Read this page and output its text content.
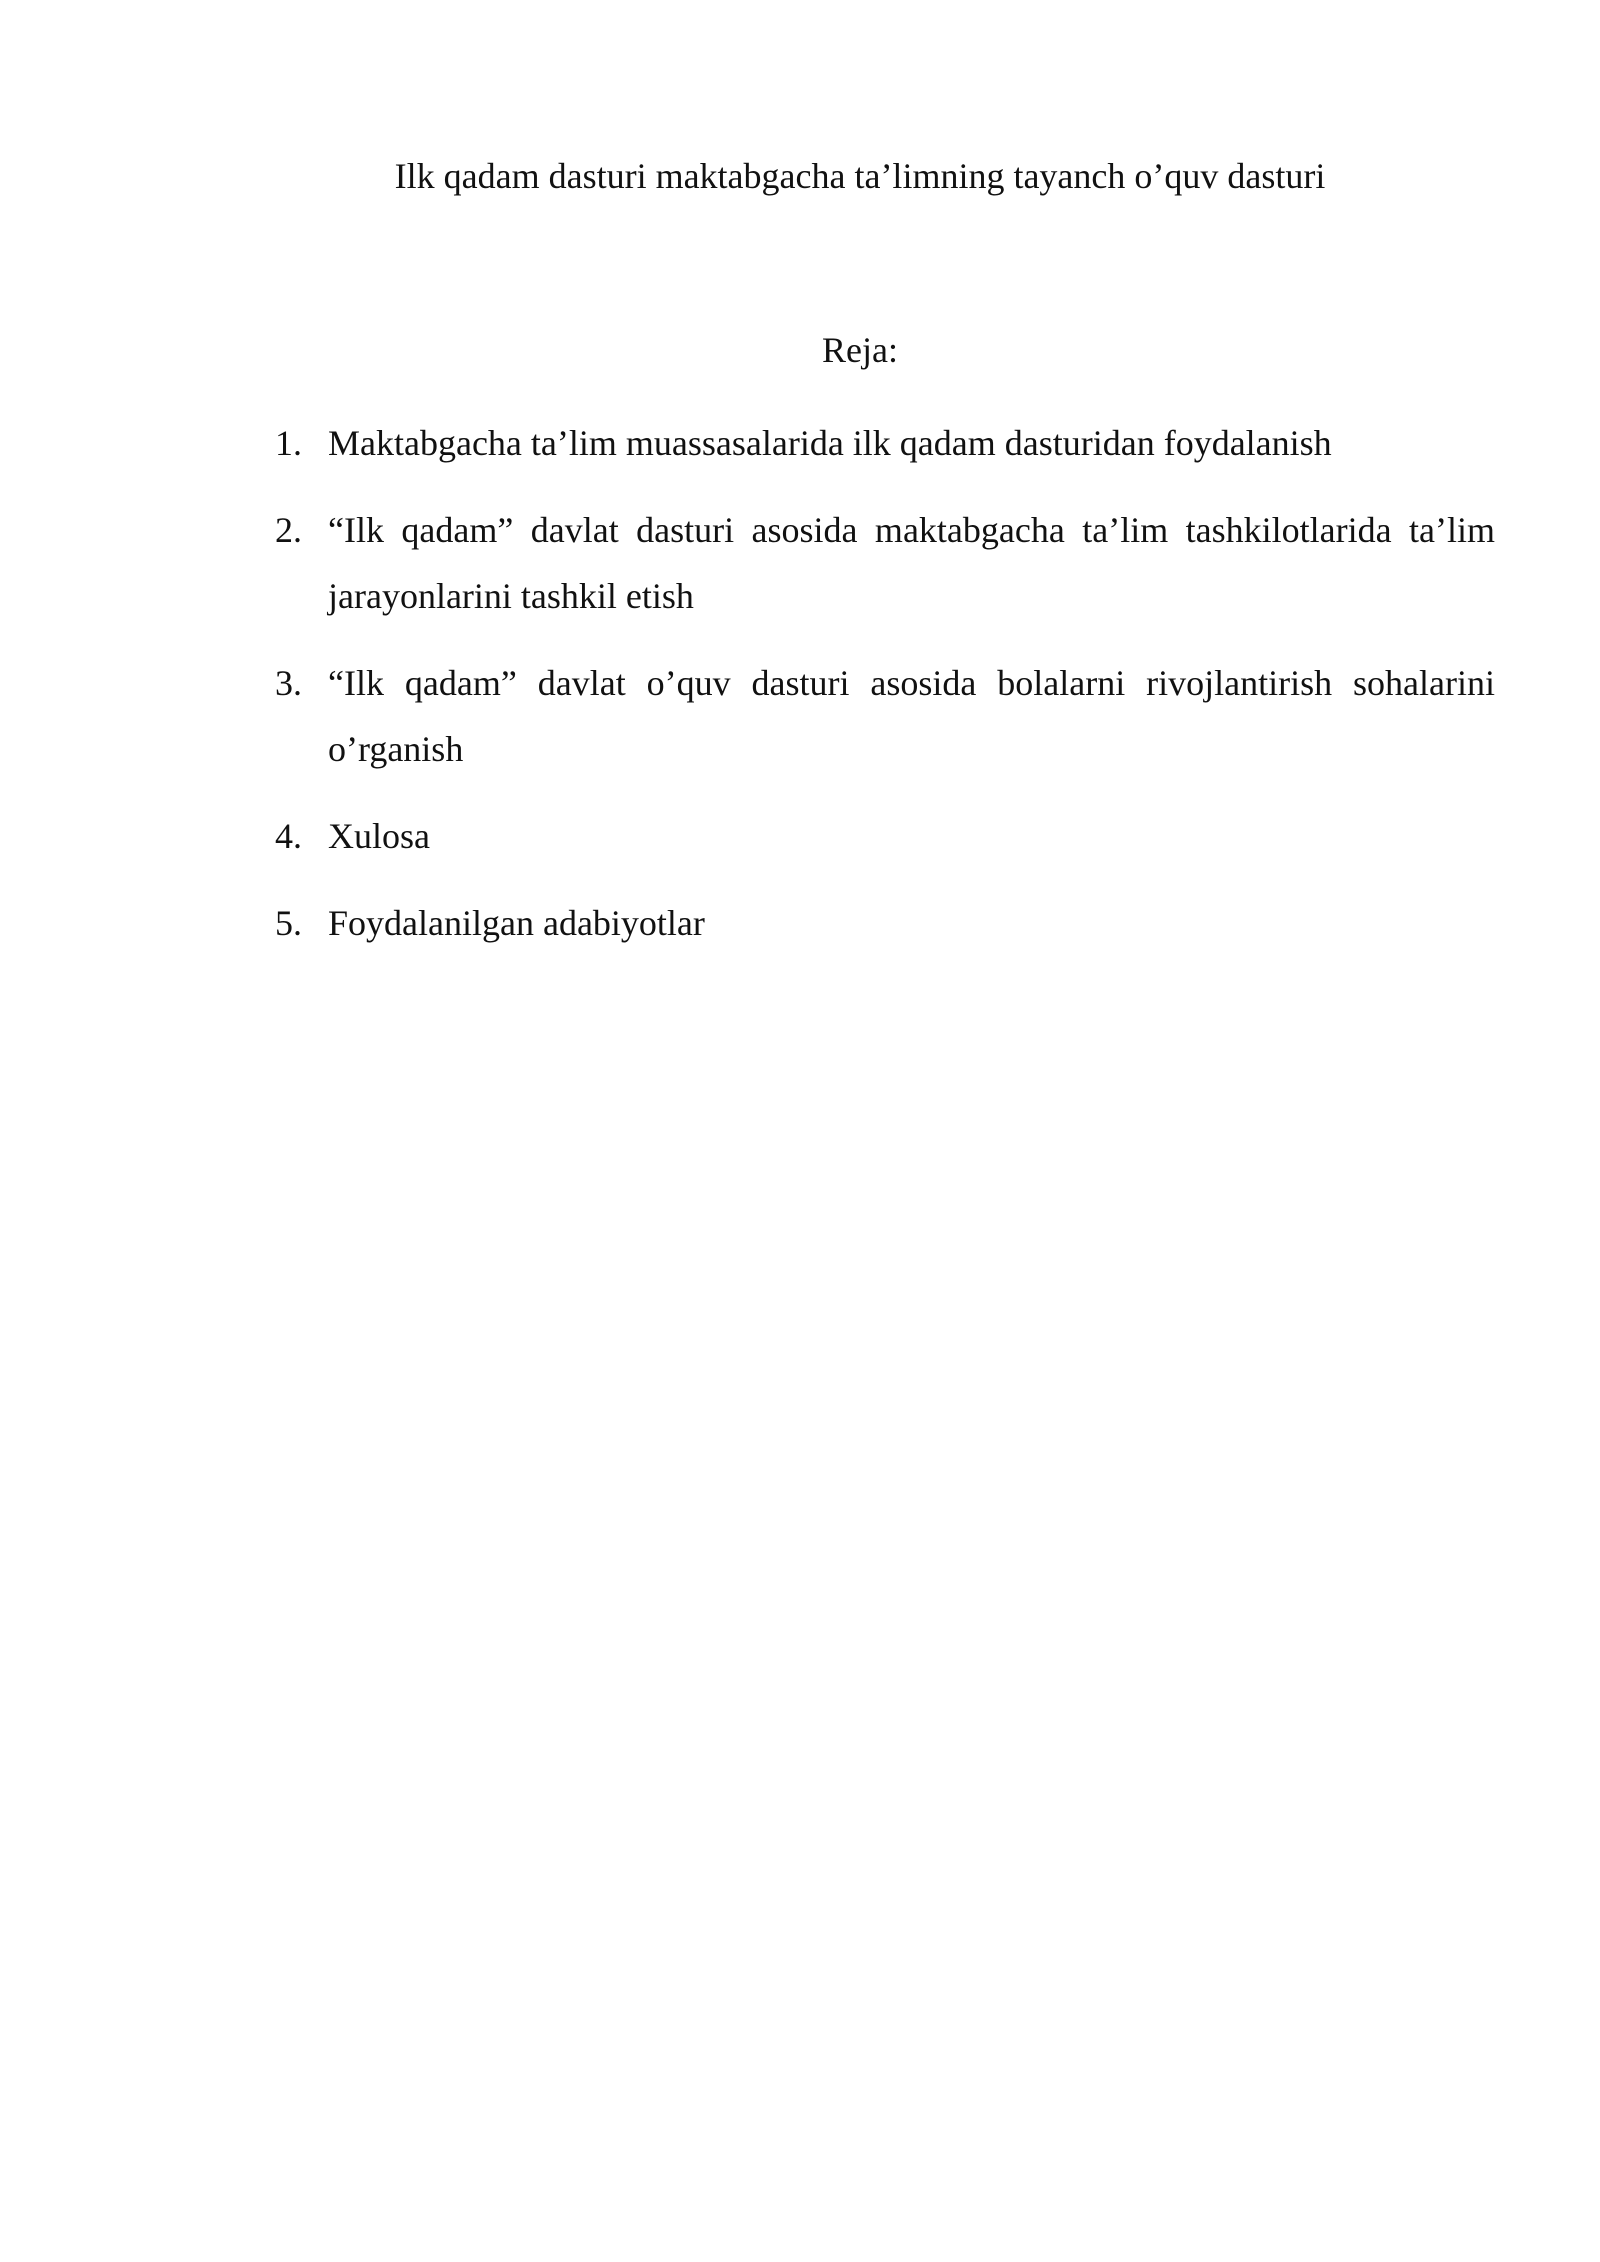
Ilk qadam dasturi maktabgacha ta’limning tayanch o’quv dasturi
Reja:
1. Maktabgacha ta’lim muassasalarida ilk qadam dasturidan foydalanish
2. “Ilk qadam” davlat dasturi asosida maktabgacha ta’lim tashkilotlarida ta’lim jarayonlarini tashkil etish
3. “Ilk qadam” davlat o’quv dasturi asosida bolalarni rivojlantirish sohalarini o’rganish
4. Xulosa
5. Foydalanilgan adabiyotlar
